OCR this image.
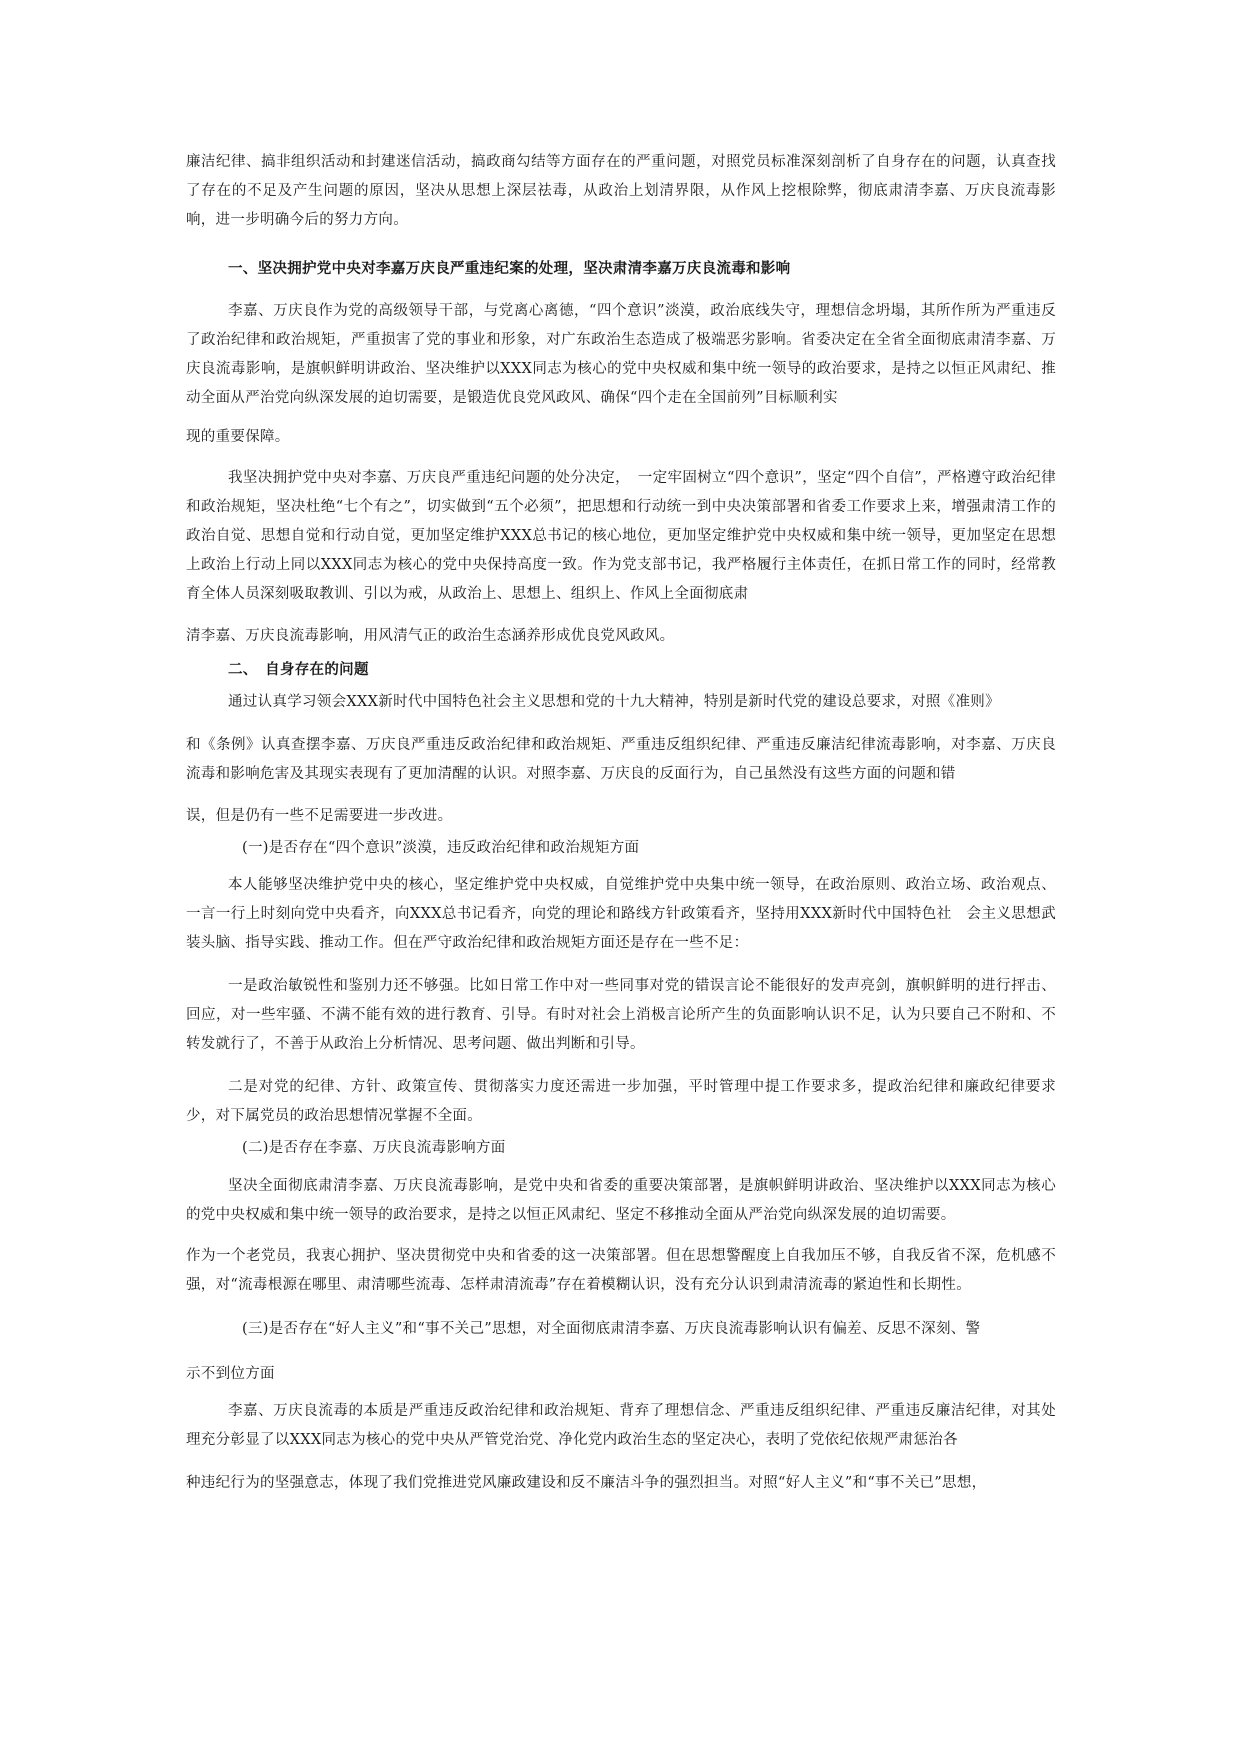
廉洁纪律、搞非组织活动和封建迷信活动，搞政商勾结等方面存在的严重问题，对照党员标准深刻剖析了自身存在的问题，认真查找了存在的不足及产生问题的原因，坚决从思想上深层祛毒，从政治上划清界限，从作风上挖根除弊，彻底肃清李嘉、万庆良流毒影响，进一步明确今后的努力方向。

一、坚决拥护党中央对李嘉万庆良严重违纪案的处理，坚决肃清李嘉万庆良流毒和影响

李嘉、万庆良作为党的高级领导干部，与党离心离德，“四个意识”淡漠，政治底线失守，理想信念坍塌，其所作所为严重违反了政治纪律和政治规矩，严重损害了党的事业和形象，对广东政治生态造成了极端恶劣影响。省委决定在全省全面彻底肃清李嘉、万庆良流毒影响，是旗帜鲜明讲政治、坚决维护以XXX同志为核心的党中央权威和集中统一领导的政治要求，是持之以恒正风肃纪、推动全面从严治党向纵深发展的迫切需要，是锻造优良党风政风、确保“四个走在全国前列”目标顺利实

现的重要保障。

我坚决拥护党中央对李嘉、万庆良严重违纪问题的处分决定，　一定牢固树立“四个意识”，坚定“四个自信”，严格遵守政治纪律和政治规矩，坚决杜绝“七个有之”，切实做到“五个必须”，把思想和行动统一到中央决策部署和省委工作要求上来，增强肃清工作的政治自觉、思想自觉和行动自觉，更加坚定维护XXX总书记的核心地位，更加坚定维护党中央权威和集中统一领导，更加坚定在思想上政治上行动上同以XXX同志为核心的党中央保持高度一致。作为党支部书记，我严格履行主体责任，在抓日常工作的同时，经常教育全体人员深刻吸取教训、引以为戒，从政治上、思想上、组织上、作风上全面彻底肃

清李嘉、万庆良流毒影响，用风清气正的政治生态涵养形成优良党风政风。

二、　自身存在的问题

通过认真学习领会XXX新时代中国特色社会主义思想和党的十九大精神，特别是新时代党的建设总要求，对照《准则》

和《条例》认真查摆李嘉、万庆良严重违反政治纪律和政治规矩、严重违反组织纪律、严重违反廉洁纪律流毒影响，对李嘉、万庆良流毒和影响危害及其现实表现有了更加清醒的认识。对照李嘉、万庆良的反面行为，自己虽然没有这些方面的问题和错

误，但是仍有一些不足需要进一步改进。

(一)是否存在“四个意识”淡漠，违反政治纪律和政治规矩方面

本人能够坚决维护党中央的核心，坚定维护党中央权威，自觉维护党中央集中统一领导，在政治原则、政治立场、政治观点、 一言一行上时刻向党中央看齐，向XXX总书记看齐，向党的理论和路线方针政策看齐，坚持用XXX新时代中国特色社　会主义思想武装头脑、指导实践、推动工作。但在严守政治纪律和政治规矩方面还是存在一些不足：

一是政治敏锐性和鉴别力还不够强。比如日常工作中对一些同事对党的错误言论不能很好的发声亮剑，旗帜鲜明的进行抨击、回应，对一些牢骚、不满不能有效的进行教育、引导。有时对社会上消极言论所产生的负面影响认识不足，认为只要自己不附和、不转发就行了，不善于从政治上分析情况、思考问题、做出判断和引导。

二是对党的纪律、方针、政策宣传、贯彻落实力度还需进一步加强，平时管理中提工作要求多，提政治纪律和廉政纪律要求少，对下属党员的政治思想情况掌握不全面。

(二)是否存在李嘉、万庆良流毒影响方面

坚决全面彻底肃清李嘉、万庆良流毒影响，是党中央和省委的重要决策部署，是旗帜鲜明讲政治、坚决维护以XXX同志为核心的党中央权威和集中统一领导的政治要求，是持之以恒正风肃纪、坚定不移推动全面从严治党向纵深发展的迫切需要。

作为一个老党员，我衷心拥护、坚决贯彻党中央和省委的这一决策部署。但在思想警醒度上自我加压不够，自我反省不深，危机感不强，对“流毒根源在哪里、肃清哪些流毒、怎样肃清流毒”存在着模糊认识，没有充分认识到肃清流毒的紧迫性和长期性。

(三)是否存在“好人主义”和“事不关己”思想，对全面彻底肃清李嘉、万庆良流毒影响认识有偏差、反思不深刻、警

示不到位方面

李嘉、万庆良流毒的本质是严重违反政治纪律和政治规矩、背弃了理想信念、严重违反组织纪律、严重违反廉洁纪律，对其处理充分彰显了以XXX同志为核心的党中央从严管党治党、净化党内政治生态的坚定决心，表明了党依纪依规严肃惩治各

种违纪行为的坚强意志，体现了我们党推进党风廉政建设和反不廉洁斗争的强烈担当。对照“好人主义”和“事不关已”思想，
